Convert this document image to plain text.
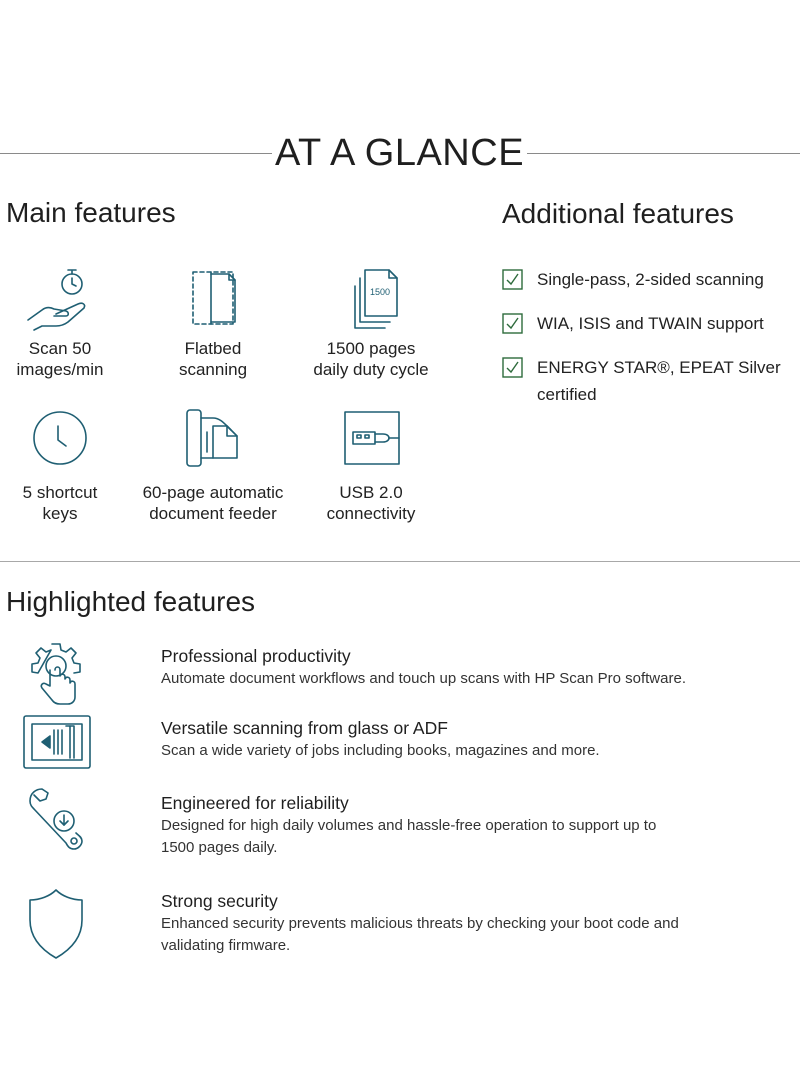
AT A GLANCE
Main features
Scan 50
images/min
Flatbed
scanning
1500
1500 pages
daily duty cycle
5 shortcut
keys
60-page automatic
document feeder
USB 2.0
connectivity
Additional features
Single-pass, 2-sided scanning
WIA, ISIS and TWAIN support
ENERGY STAR®, EPEAT Silver
certified
Highlighted features
Professional productivity
Automate document workflows and touch up scans with HP Scan Pro software.
Versatile scanning from glass or ADF
Scan a wide variety of jobs including books, magazines and more.
Engineered for reliability
Designed for high daily volumes and hassle-free operation to support up to
1500 pages daily.
Strong security
Enhanced security prevents malicious threats by checking your boot code and
validating firmware.
